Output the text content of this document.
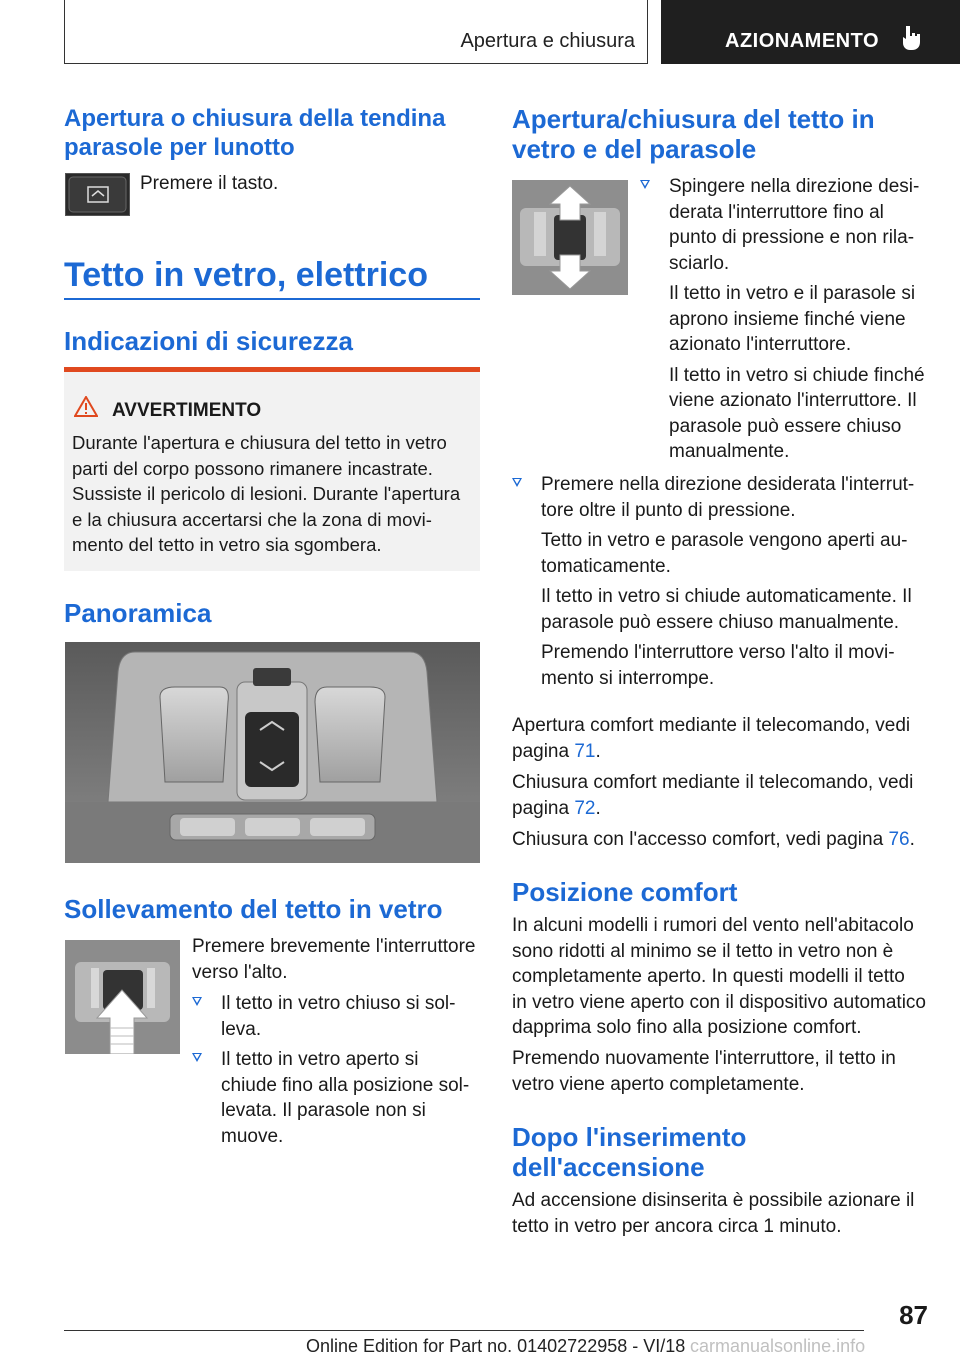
Apertura e chiusura	AZIONAMENTO
Apertura o chiusura della tendina
parasole per lunotto

Premere il tasto.

Tetto in vetro, elettrico
Indicazioni di sicurezza
AVVERTIMENTO
Durante l'apertura e chiusura del tetto in vetro
parti del corpo possono rimanere incastrate.
Sussiste il pericolo di lesioni. Durante l'apertura
e la chiusura accertarsi che la zona di movi-
mento del tetto in vetro sia sgombera.
Panoramica
Sollevamento del tetto in vetro
Premere brevemente l'interruttore
verso l'alto.
Il tetto in vetro chiuso si sol-
leva.
Il tetto in vetro aperto si
chiude fino alla posizione sol-
levata. Il parasole non si
muove.
Apertura/chiusura del tetto in
vetro e del parasole
Spingere nella direzione desi-
derata l'interruttore fino al
punto di pressione e non rila-
sciarlo.
Il tetto in vetro e il parasole si
aprono insieme finché viene
azionato l'interruttore.
Il tetto in vetro si chiude finché
viene azionato l'interruttore. Il
parasole può essere chiuso
manualmente.
Premere nella direzione desiderata l'interrut-
tore oltre il punto di pressione.
Tetto in vetro e parasole vengono aperti au-
tomaticamente.
Il tetto in vetro si chiude automaticamente. Il
parasole può essere chiuso manualmente.
Premendo l'interruttore verso l'alto il movi-
mento si interrompe.
Apertura comfort mediante il telecomando, vedi
pagina 71.
Chiusura comfort mediante il telecomando, vedi
pagina 72.
Chiusura con l'accesso comfort, vedi pagina 76.
Posizione comfort
In alcuni modelli i rumori del vento nell'abitacolo
sono ridotti al minimo se il tetto in vetro non è
completamente aperto. In questi modelli il tetto
in vetro viene aperto con il dispositivo automatico
dapprima solo fino alla posizione comfort.
Premendo nuovamente l'interruttore, il tetto in
vetro viene aperto completamente.
Dopo l'inserimento
dell'accensione
Ad accensione disinserita è possibile azionare il
tetto in vetro per ancora circa 1 minuto.
87
Online Edition for Part no. 01402722958 - VI/18 carmanualsonline.info
